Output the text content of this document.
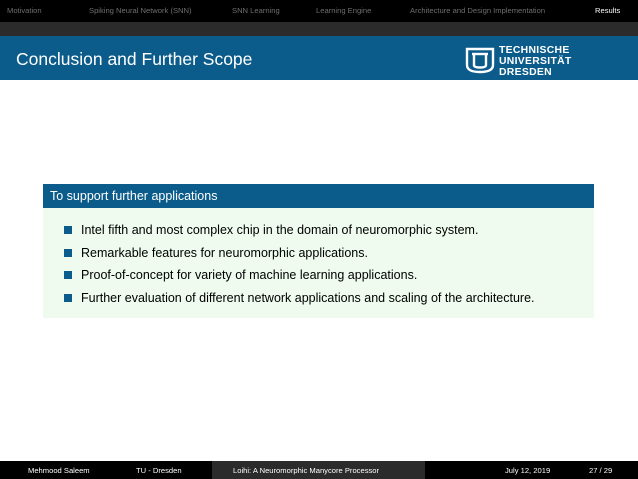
Motivation	Spiking Neural Network (SNN)	SNN Learning	Learning Engine	Architecture and Design Implementation	Results
Conclusion and Further Scope	TECHNISCHE
UNIVERSITÄT
DRESDEN
To support further applications
Intel fifth and most complex chip in the domain of neuromorphic system.
Remarkable features for neuromorphic applications.
Proof-of-concept for variety of machine learning applications.
Further evaluation of different network applications and scaling of the architecture.
Mehmood Saleem	TU - Dresden	Loihi: A Neuromorphic Manycore Processor	July 12, 2019	27 / 29
